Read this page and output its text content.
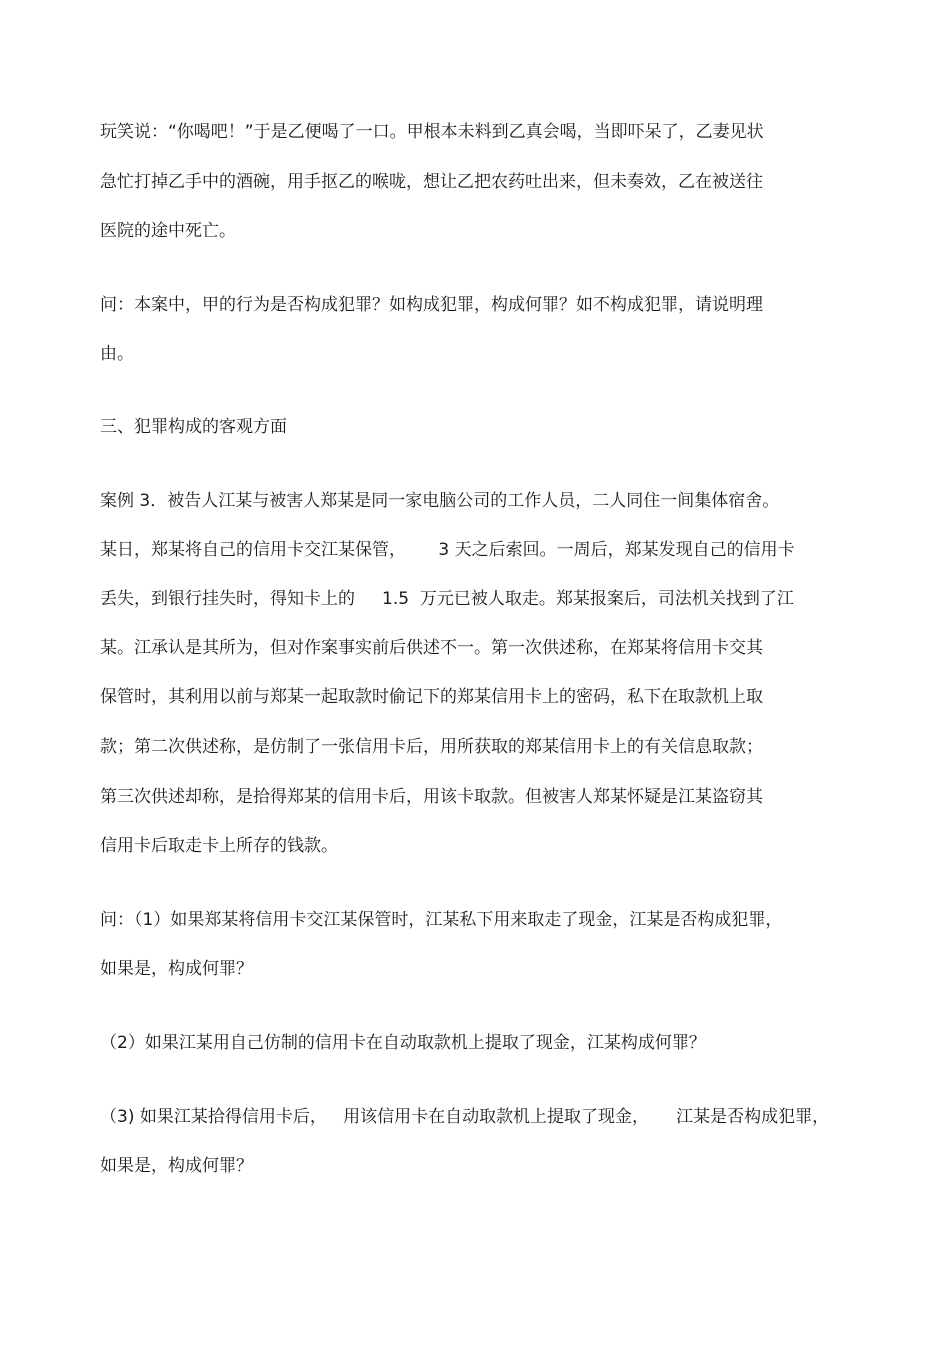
玩笑说：“你喝吧！”于是乙便喝了一口。甲根本未料到乙真会喝，当即吓呆了，乙妻见状
急忙打掉乙手中的酒碗，用手抠乙的喉咙，想让乙把农药吐出来，但未奏效，乙在被送往
医院的途中死亡。
问：本案中，甲的行为是否构成犯罪？如构成犯罪，构成何罪？如不构成犯罪，请说明理
由。
三、犯罪构成的客观方面
案例 3．被告人江某与被害人郑某是同一家电脑公司的工作人员，二人同住一间集体宿舍。
某日，郑某将自己的信用卡交江某保管，      3 天之后索回。一周后，郑某发现自己的信用卡
丢失，到银行挂失时，得知卡上的     1.5  万元已被人取走。郑某报案后，司法机关找到了江
某。江承认是其所为，但对作案事实前后供述不一。第一次供述称，在郑某将信用卡交其
保管时，其利用以前与郑某一起取款时偷记下的郑某信用卡上的密码，私下在取款机上取
款；第二次供述称，是仿制了一张信用卡后，用所获取的郑某信用卡上的有关信息取款；
第三次供述却称，是拾得郑某的信用卡后，用该卡取款。但被害人郑某怀疑是江某盗窃其
信用卡后取走卡上所存的钱款。
问：（1）如果郑某将信用卡交江某保管时，江某私下用来取走了现金，江某是否构成犯罪，
如果是，构成何罪？
（2）如果江某用自己仿制的信用卡在自动取款机上提取了现金，江某构成何罪？
（3) 如果江某拾得信用卡后，   用该信用卡在自动取款机上提取了现金，     江某是否构成犯罪，
如果是，构成何罪？
